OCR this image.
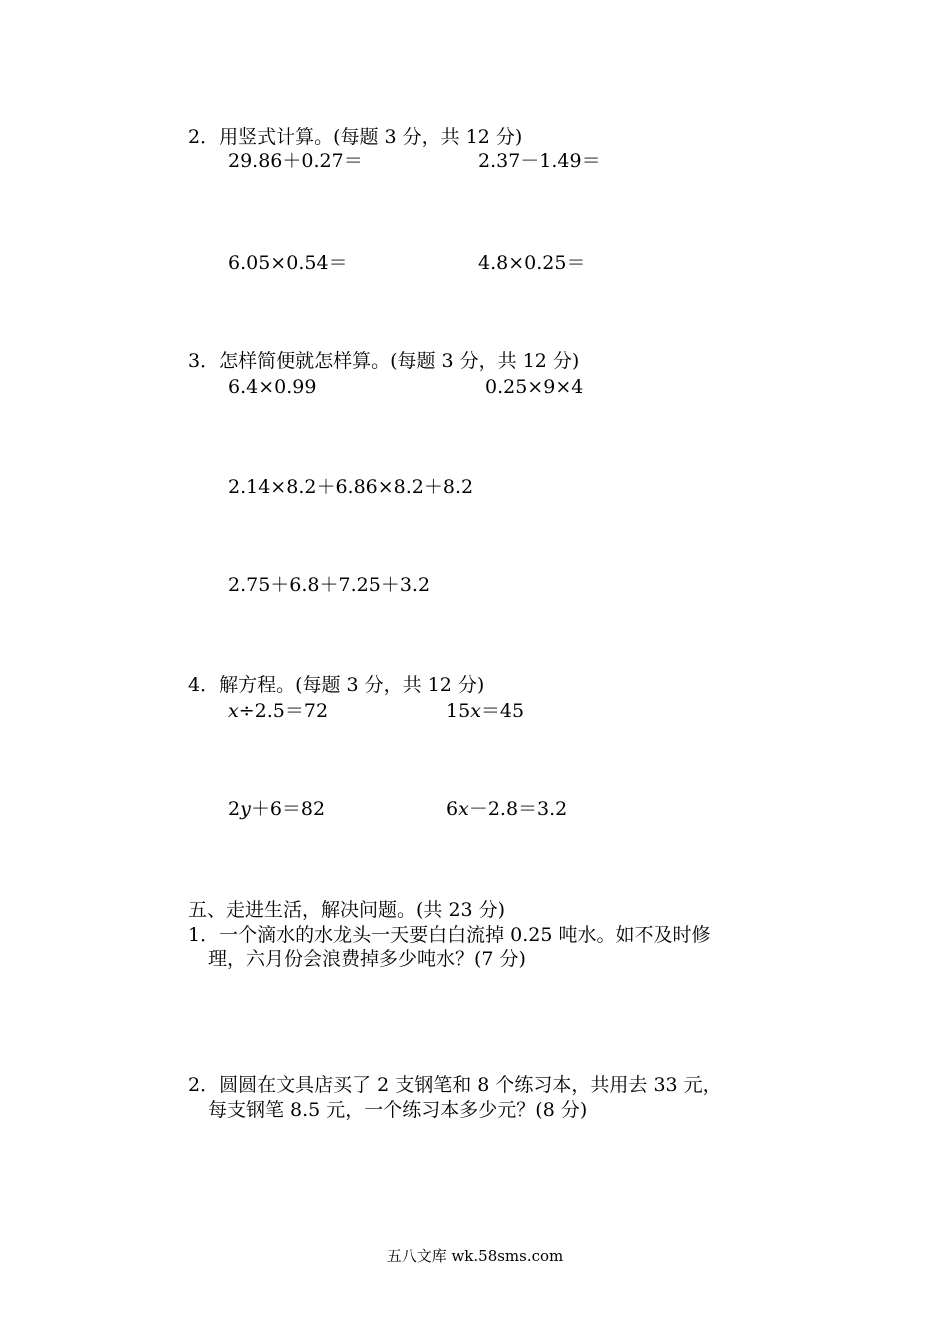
2．用竖式计算。(每题 3 分，共 12 分)
29.86＋0.27＝	2.37－1.49＝
6.05×0.54＝	4.8×0.25＝
3．怎样简便就怎样算。(每题 3 分，共 12 分)
6.4×0.99	0.25×9×4
2.14×8.2＋6.86×8.2＋8.2
2.75＋6.8＋7.25＋3.2
4．解方程。(每题 3 分，共 12 分)
x÷2.5＝72	15x＝45
2y＋6＝82	6x－2.8＝3.2
五、走进生活，解决问题。(共 23 分)
1．一个滴水的水龙头一天要白白流掉 0.25 吨水。如不及时修
理，六月份会浪费掉多少吨水？(7 分)
2．圆圆在文具店买了 2 支钢笔和 8 个练习本，共用去 33 元，
每支钢笔 8.5 元，一个练习本多少元？(8 分)
五八文库 wk.58sms.com
